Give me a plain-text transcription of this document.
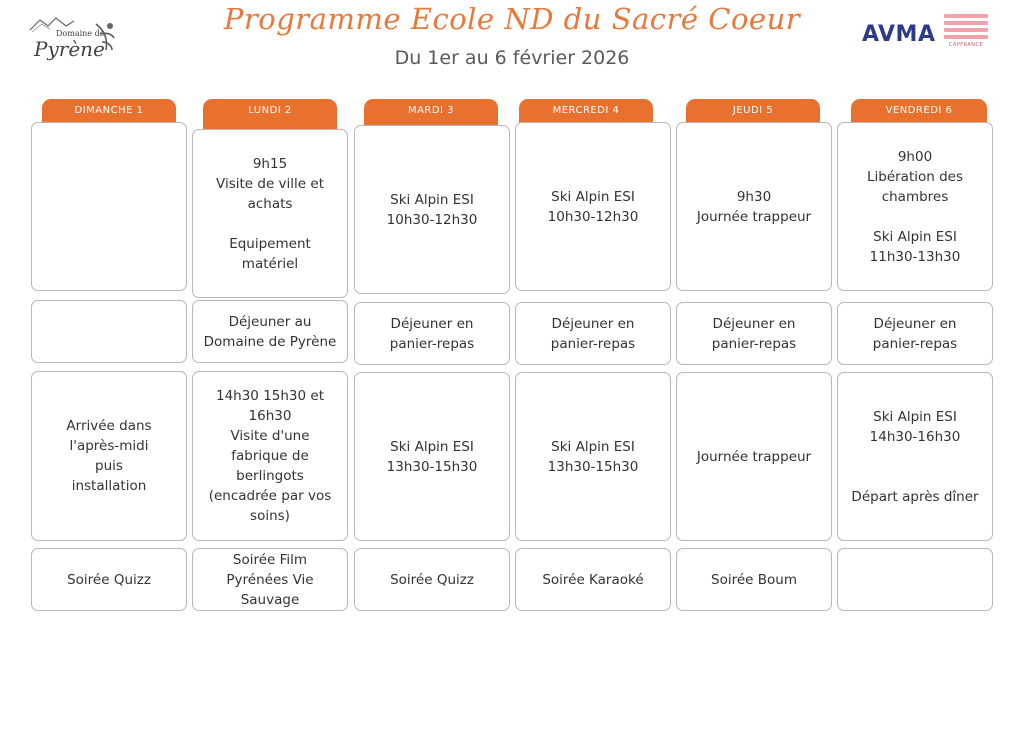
Domaine de
Pyrène
Programme Ecole ND du Sacré Coeur
Du 1er au 6 février 2026
AVMA	CAPFRANCE
DIMANCHE 1
Arrivée dans
l'après-midi
puis
installation
Soirée Quizz
LUNDI 2
9h15
Visite de ville et
achats
Equipement
matériel
Déjeuner au
Domaine de Pyrène
14h30 15h30 et
16h30
Visite d'une
fabrique de
berlingots
(encadrée par vos
soins)
Soirée Film
Pyrénées Vie
Sauvage
MARDI 3
Ski Alpin ESI
10h30-12h30
Déjeuner en
panier-repas
Ski Alpin ESI
13h30-15h30
Soirée Quizz
MERCREDI 4
Ski Alpin ESI
10h30-12h30
Déjeuner en
panier-repas
Ski Alpin ESI
13h30-15h30
Soirée Karaoké
JEUDI 5
9h30
Journée trappeur
Déjeuner en
panier-repas
Journée trappeur
Soirée Boum
VENDREDI 6
9h00
Libération des
chambres
Ski Alpin ESI
11h30-13h30
Déjeuner en
panier-repas
Ski Alpin ESI
14h30-16h30
Départ après dîner
